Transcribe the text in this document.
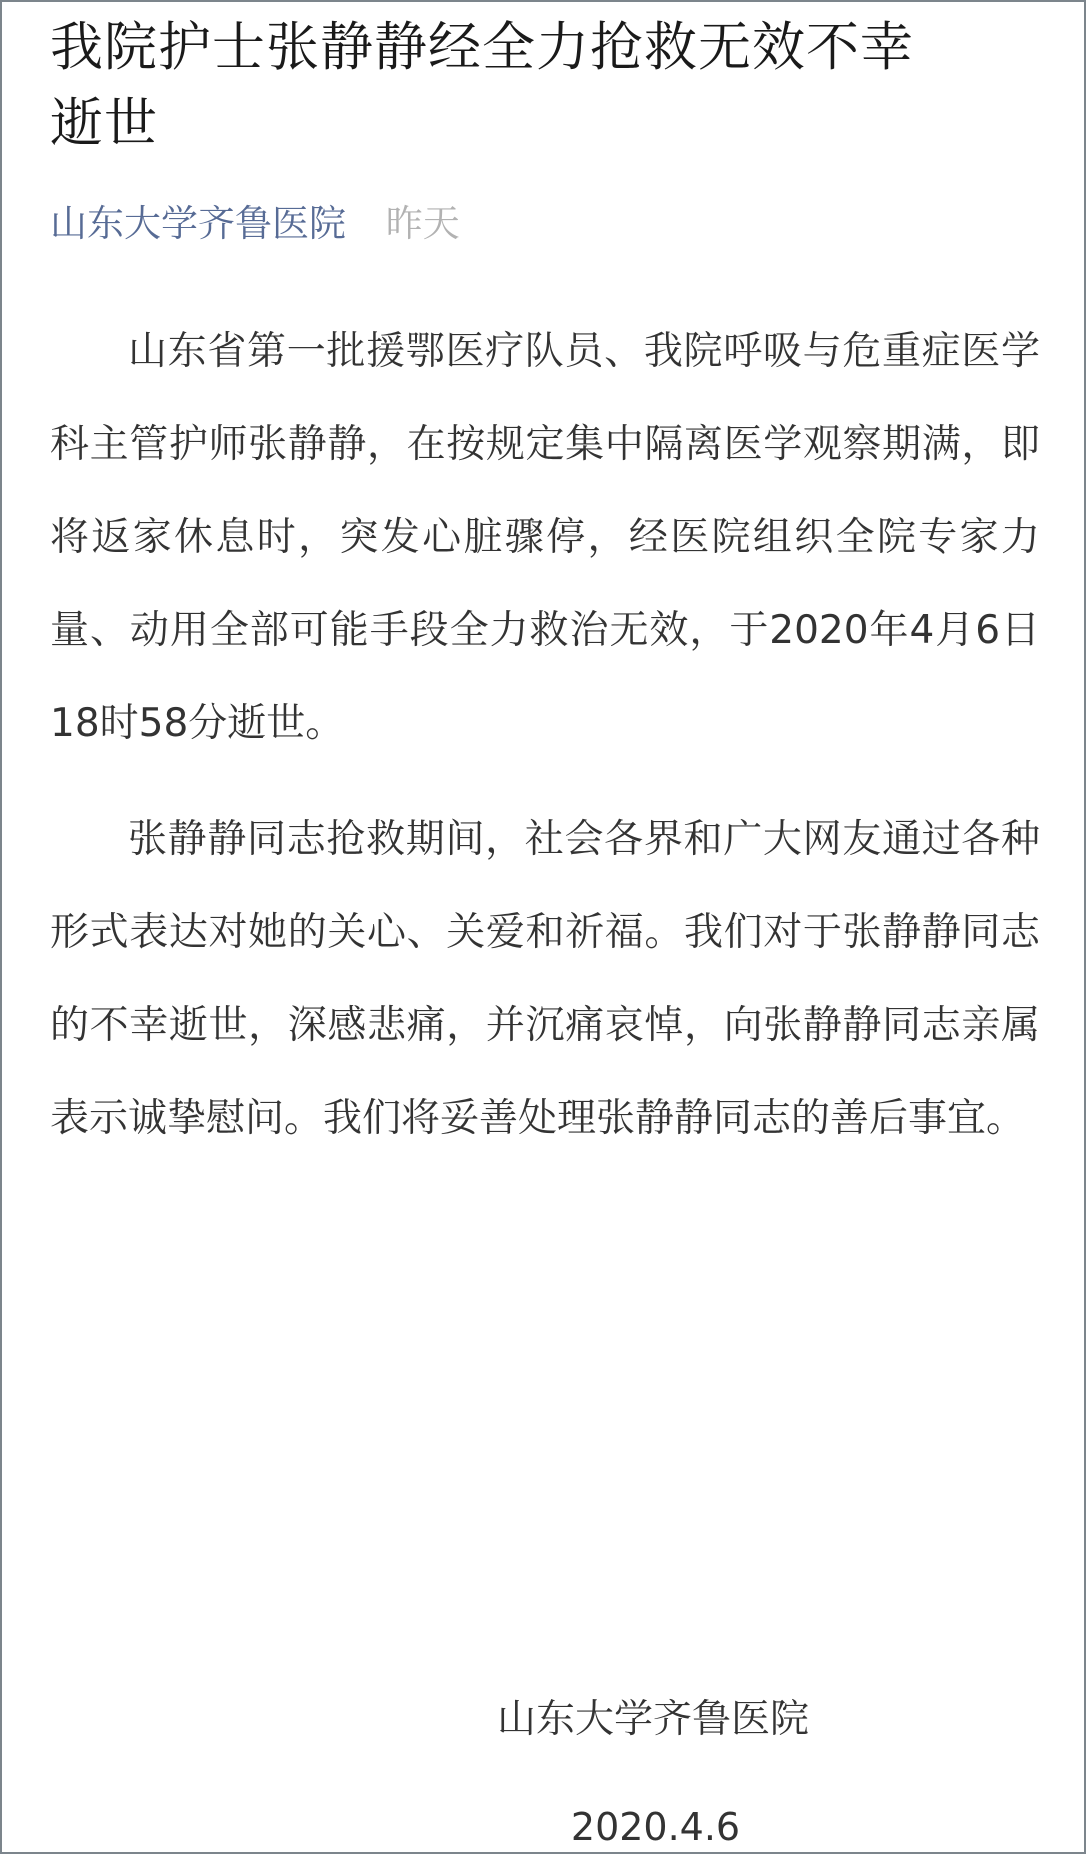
我院护士张静静经全力抢救无效不幸
逝世
山东大学齐鲁医院 昨天

山东省第一批援鄂医疗队员、我院呼吸与危重症医学科主管护师张静静，在按规定集中隔离医学观察期满，即将返家休息时，突发心脏骤停，经医院组织全院专家力量、动用全部可能手段全力救治无效，于2020年4月6日18时58分逝世。

张静静同志抢救期间，社会各界和广大网友通过各种形式表达对她的关心、关爱和祈福。我们对于张静静同志的不幸逝世，深感悲痛，并沉痛哀悼，向张静静同志亲属表示诚挚慰问。我们将妥善处理张静静同志的善后事宜。

山东大学齐鲁医院
2020.4.6
